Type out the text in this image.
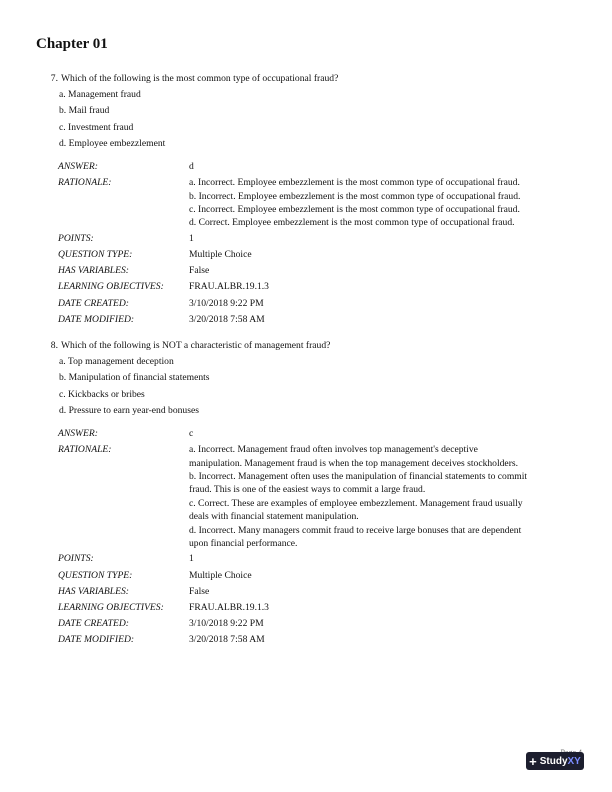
Chapter 01
7. Which of the following is the most common type of occupational fraud?
a. Management fraud
b. Mail fraud
c. Investment fraud
d. Employee embezzlement
ANSWER:	d
RATIONALE:	a. Incorrect. Employee embezzlement is the most common type of occupational fraud.
b. Incorrect. Employee embezzlement is the most common type of occupational fraud.
c. Incorrect. Employee embezzlement is the most common type of occupational fraud.
d. Correct. Employee embezzlement is the most common type of occupational fraud.
POINTS:	1
QUESTION TYPE:	Multiple Choice
HAS VARIABLES:	False
LEARNING OBJECTIVES:	FRAU.ALBR.19.1.3
DATE CREATED:	3/10/2018 9:22 PM
DATE MODIFIED:	3/20/2018 7:58 AM
8. Which of the following is NOT a characteristic of management fraud?
a. Top management deception
b. Manipulation of financial statements
c. Kickbacks or bribes
d. Pressure to earn year-end bonuses
ANSWER:	c
RATIONALE:	a. Incorrect. Management fraud often involves top management's deceptive
manipulation. Management fraud is when the top management deceives stockholders.
b. Incorrect. Management often uses the manipulation of financial statements to commit
fraud. This is one of the easiest ways to commit a large fraud.
c. Correct. These are examples of employee embezzlement. Management fraud usually
deals with financial statement manipulation.
d. Incorrect. Many managers commit fraud to receive large bonuses that are dependent
upon financial performance.
POINTS:	1
QUESTION TYPE:	Multiple Choice
HAS VARIABLES:	False
LEARNING OBJECTIVES:	FRAU.ALBR.19.1.3
DATE CREATED:	3/10/2018 9:22 PM
DATE MODIFIED:	3/20/2018 7:58 AM
+ Study XY
